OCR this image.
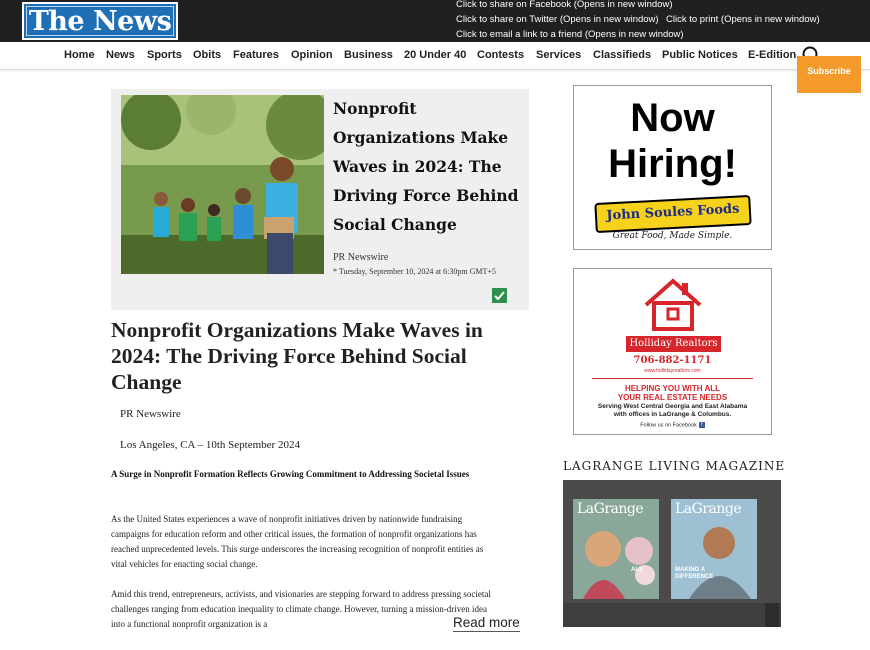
The News
Click to share on Facebook (Opens in new window)
Click to share on Twitter (Opens in new window) Click to print (Opens in new window)
Click to email a link to a friend (Opens in new window)
Home News Sports Obits Features Opinion Business 20 Under 40 Contests Services Classifieds Public Notices E-Edition
Subscribe
Nonprofit Organizations Make Waves in 2024: The Driving Force Behind Social Change
PR Newswire
* Tuesday, September 10, 2024 at 6:30pm GMT+5
Nonprofit Organizations Make Waves in 2024: The Driving Force Behind Social Change
PR Newswire
Los Angeles, CA – 10th September 2024
A Surge in Nonprofit Formation Reflects Growing Commitment to Addressing Societal Issues

As the United States experiences a wave of nonprofit initiatives driven by nationwide fundraising campaigns for education reform and other critical issues, the formation of nonprofit organizations has reached unprecedented levels. This surge underscores the increasing recognition of nonprofit entities as vital vehicles for enacting social change.

Amid this trend, entrepreneurs, activists, and visionaries are stepping forward to address pressing societal challenges ranging from education inequality to climate change. However, turning a mission-driven idea into a functional nonprofit organization is a	Read more
Now
Hiring!
John Soules Foods
Great Food, Made Simple.
Holliday Realtors
706-882-1171
www.hollidayrealtors.com
HELPING YOU WITH ALL
YOUR REAL ESTATE NEEDS
Serving West Central Georgia and East Alabama
with offices in LaGrange & Columbus.
Follow us on Facebook f
LAGRANGE LIVING MAGAZINE
LaGrange
ALS
LaGrange
MAKING A DIFFERENCE
